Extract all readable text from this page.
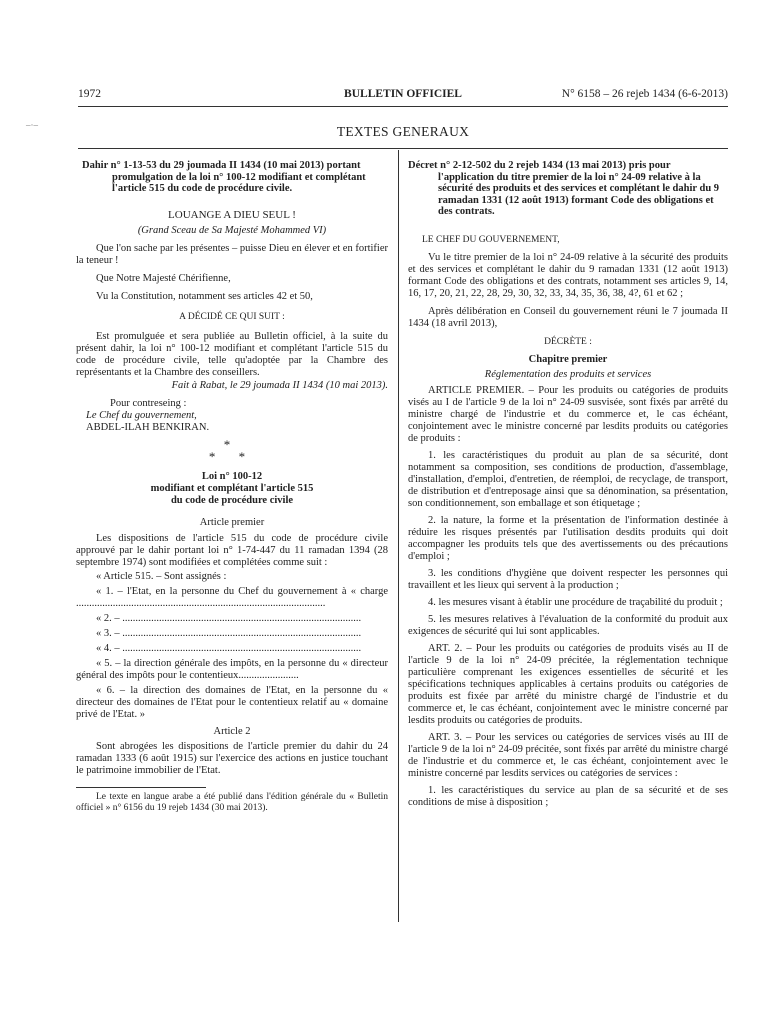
1972	BULLETIN OFFICIEL	N° 6158 – 26 rejeb 1434 (6-6-2013)
–·–	TEXTES GENERAUX

Dahir n° 1-13-53 du 29 joumada II 1434 (10 mai 2013) portant promulgation de la loi n° 100-12 modifiant et complétant l'article 515 du code de procédure civile.

LOUANGE A DIEU SEUL !

(Grand Sceau de Sa Majesté Mohammed VI)

Que l'on sache par les présentes – puisse Dieu en élever et en fortifier la teneur !

Que Notre Majesté Chérifienne,

Vu la Constitution, notamment ses articles 42 et 50,

A DÉCIDÉ CE QUI SUIT :

Est promulguée et sera publiée au Bulletin officiel, à la suite du présent dahir, la loi n° 100-12 modifiant et complétant l'article 515 du code de procédure civile, telle qu'adoptée par la Chambre des représentants et la Chambre des conseillers.

Fait à Rabat, le 29 joumada II 1434 (10 mai 2013).

Pour contreseing :

Le Chef du gouvernement,

ABDEL-ILAH BENKIRAN.

*

* *

Loi n° 100-12

modifiant et complétant l'article 515

du code de procédure civile

Article premier

Les dispositions de l'article 515 du code de procédure civile approuvé par le dahir portant loi n° 1-74-447 du 11 ramadan 1394 (28 septembre 1974) sont modifiées et complétées comme suit :

« Article 515. – Sont assignés :

« 1. – l'Etat, en la personne du Chef du gouvernement à « charge ...............................................................................................

« 2. – ...........................................................................................

« 3. – ...........................................................................................

« 4. – ...........................................................................................

« 5. – la direction générale des impôts, en la personne du « directeur général des impôts pour le contentieux.......................

« 6. – la direction des domaines de l'Etat, en la personne du « directeur des domaines de l'Etat pour le contentieux relatif au « domaine privé de l'Etat. »

Article 2

Sont abrogées les dispositions de l'article premier du dahir du 24 ramadan 1333 (6 août 1915) sur l'exercice des actions en justice touchant le patrimoine immobilier de l'Etat.

Le texte en langue arabe a été publié dans l'édition générale du « Bulletin officiel » n° 6156 du 19 rejeb 1434 (30 mai 2013).

Décret n° 2-12-502 du 2 rejeb 1434 (13 mai 2013) pris pour l'application du titre premier de la loi n° 24-09 relative à la sécurité des produits et des services et complétant le dahir du 9 ramadan 1331 (12 août 1913) formant Code des obligations et des contrats.

LE CHEF DU GOUVERNEMENT,

Vu le titre premier de la loi n° 24-09 relative à la sécurité des produits et des services et complétant le dahir du 9 ramadan 1331 (12 août 1913) formant Code des obligations et des contrats, notamment ses articles 9, 14, 16, 17, 20, 21, 22, 28, 29, 30, 32, 33, 34, 35, 36, 38, 4?, 61 et 62 ;

Après délibération en Conseil du gouvernement réuni le 7 joumada II 1434 (18 avril 2013),

DÉCRÈTE :

Chapitre premier

Réglementation des produits et services

ARTICLE PREMIER. – Pour les produits ou catégories de produits visés au I de l'article 9 de la loi n° 24-09 susvisée, sont fixés par arrêté du ministre chargé de l'industrie et du commerce et, le cas échéant, conjointement avec le ministre concerné par lesdits produits ou catégories de produits :

1. les caractéristiques du produit au plan de sa sécurité, dont notamment sa composition, ses conditions de production, d'assemblage, d'installation, d'emploi, d'entretien, de réemploi, de recyclage, de transport, de distribution et d'entreposage ainsi que sa dénomination, sa présentation, son conditionnement, son emballage et son étiquetage ;

2. la nature, la forme et la présentation de l'information destinée à réduire les risques présentés par l'utilisation desdits produits qui doit accompagner les produits tels que des avertissements ou des précautions d'emploi ;

3. les conditions d'hygiène que doivent respecter les personnes qui travaillent et les lieux qui servent à la production ;

4. les mesures visant à établir une procédure de traçabilité du produit ;

5. les mesures relatives à l'évaluation de la conformité du produit aux exigences de sécurité qui lui sont applicables.

ART. 2. – Pour les produits ou catégories de produits visés au II de l'article 9 de la loi n° 24-09 précitée, la réglementation technique particulière comprenant les exigences essentielles de sécurité et les spécifications techniques applicables à certains produits ou catégories de produits est fixée par arrêté du ministre chargé de l'industrie et du commerce et, le cas échéant, conjointement avec le ministre concerné par lesdits produits ou catégories de produits.

ART. 3. – Pour les services ou catégories de services visés au III de l'article 9 de la loi n° 24-09 précitée, sont fixés par arrêté du ministre chargé de l'industrie et du commerce et, le cas échéant, conjointement avec le ministre concerné par lesdits services ou catégories de services :

1. les caractéristiques du service au plan de sa sécurité et de ses conditions de mise à disposition ;
